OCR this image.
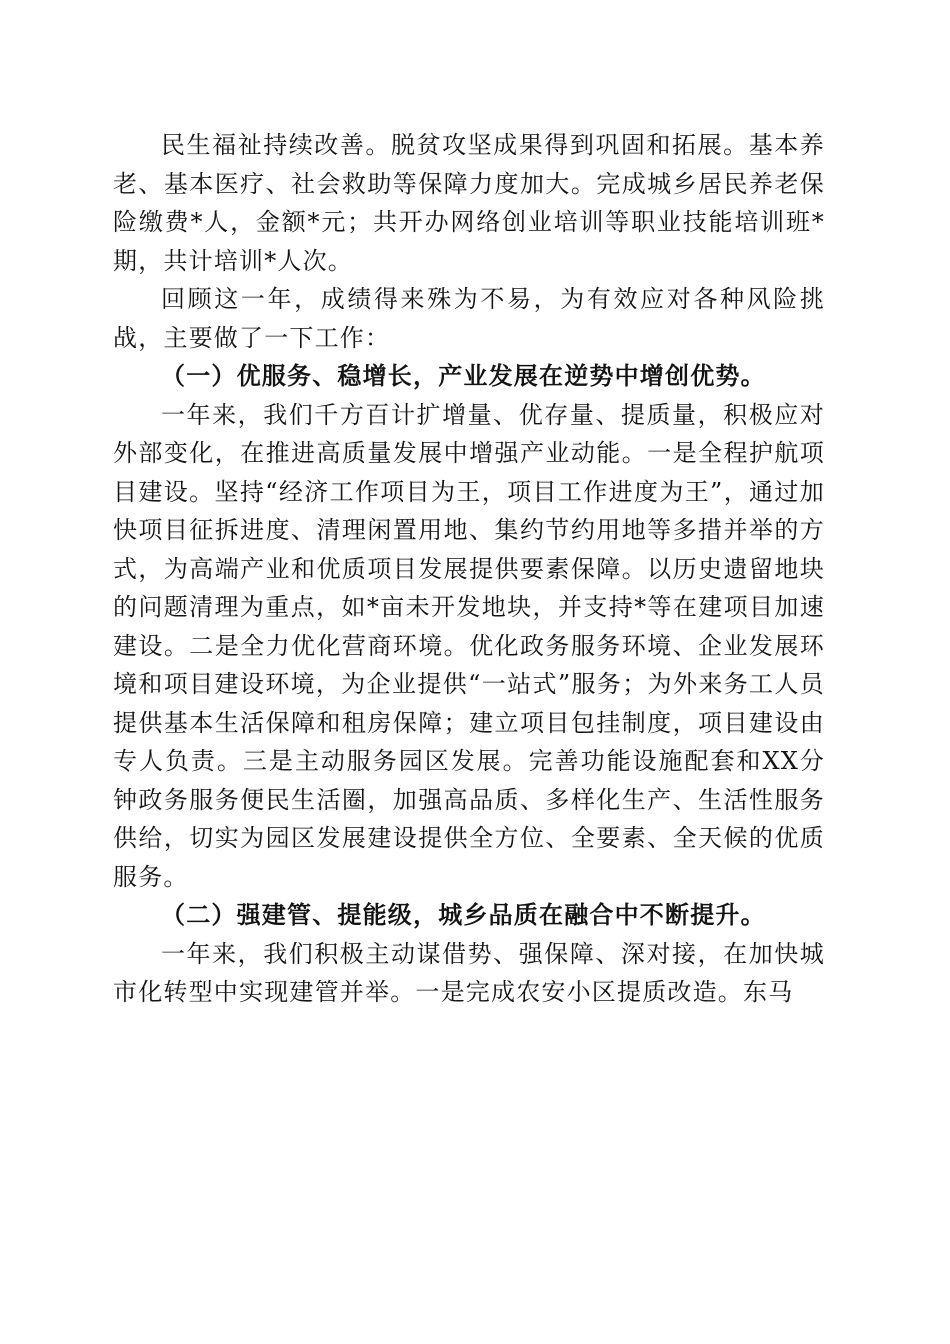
民生福祉持续改善。脱贫攻坚成果得到巩固和拓展。基本养老、基本医疗、社会救助等保障力度加大。完成城乡居民养老保险缴费*人，金额*元；共开办网络创业培训等职业技能培训班*期，共计培训*人次。

回顾这一年，成绩得来殊为不易，为有效应对各种风险挑战，主要做了一下工作：

（一）优服务、稳增长，产业发展在逆势中增创优势。

一年来，我们千方百计扩增量、优存量、提质量，积极应对外部变化，在推进高质量发展中增强产业动能。一是全程护航项目建设。坚持“经济工作项目为王，项目工作进度为王”，通过加快项目征拆进度、清理闲置用地、集约节约用地等多措并举的方式，为高端产业和优质项目发展提供要素保障。以历史遗留地块的问题清理为重点，如*亩未开发地块，并支持*等在建项目加速建设。二是全力优化营商环境。优化政务服务环境、企业发展环境和项目建设环境，为企业提供“一站式”服务；为外来务工人员提供基本生活保障和租房保障；建立项目包挂制度，项目建设由专人负责。三是主动服务园区发展。完善功能设施配套和XX分钟政务服务便民生活圈，加强高品质、多样化生产、生活性服务供给，切实为园区发展建设提供全方位、全要素、全天候的优质服务。

（二）强建管、提能级，城乡品质在融合中不断提升。

一年来，我们积极主动谋借势、强保障、深对接，在加快城市化转型中实现建管并举。一是完成农安小区提质改造。东马
